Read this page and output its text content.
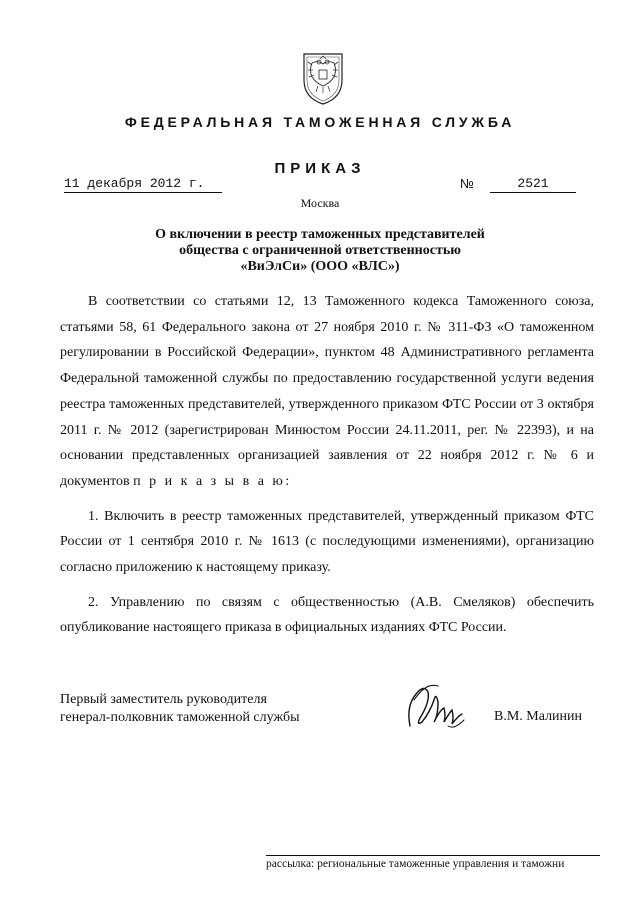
ФЕДЕРАЛЬНАЯ ТАМОЖЕННАЯ СЛУЖБА
ПРИКАЗ
11 декабря 2012 г.	№	2521
Москва
О включении в реестр таможенных представителей
общества с ограниченной ответственностью
«ВиЭлСи» (ООО «ВЛС»)

В соответствии со статьями 12, 13 Таможенного кодекса Таможенного союза, статьями 58, 61 Федерального закона от 27 ноября 2010 г. № 311-ФЗ «О таможенном регулировании в Российской Федерации», пунктом 48 Административного регламента Федеральной таможенной службы по предоставлению государственной услуги ведения реестра таможенных представителей, утвержденного приказом ФТС России от 3 октября 2011 г. № 2012 (зарегистрирован Минюстом России 24.11.2011, рег. № 22393), и на основании представленных организацией заявления от 22 ноября 2012 г. № 6 и документов п р и к а з ы в а ю:

1. Включить в реестр таможенных представителей, утвержденный приказом ФТС России от 1 сентября 2010 г. № 1613 (с последующими изменениями), организацию согласно приложению к настоящему приказу.

2. Управлению по связям с общественностью (А.В. Смеляков) обеспечить опубликование настоящего приказа в официальных изданиях ФТС России.

Первый заместитель руководителя
генерал-полковник таможенной службы	В.М. Малинин
рассылка: региональные таможенные управления и таможни
